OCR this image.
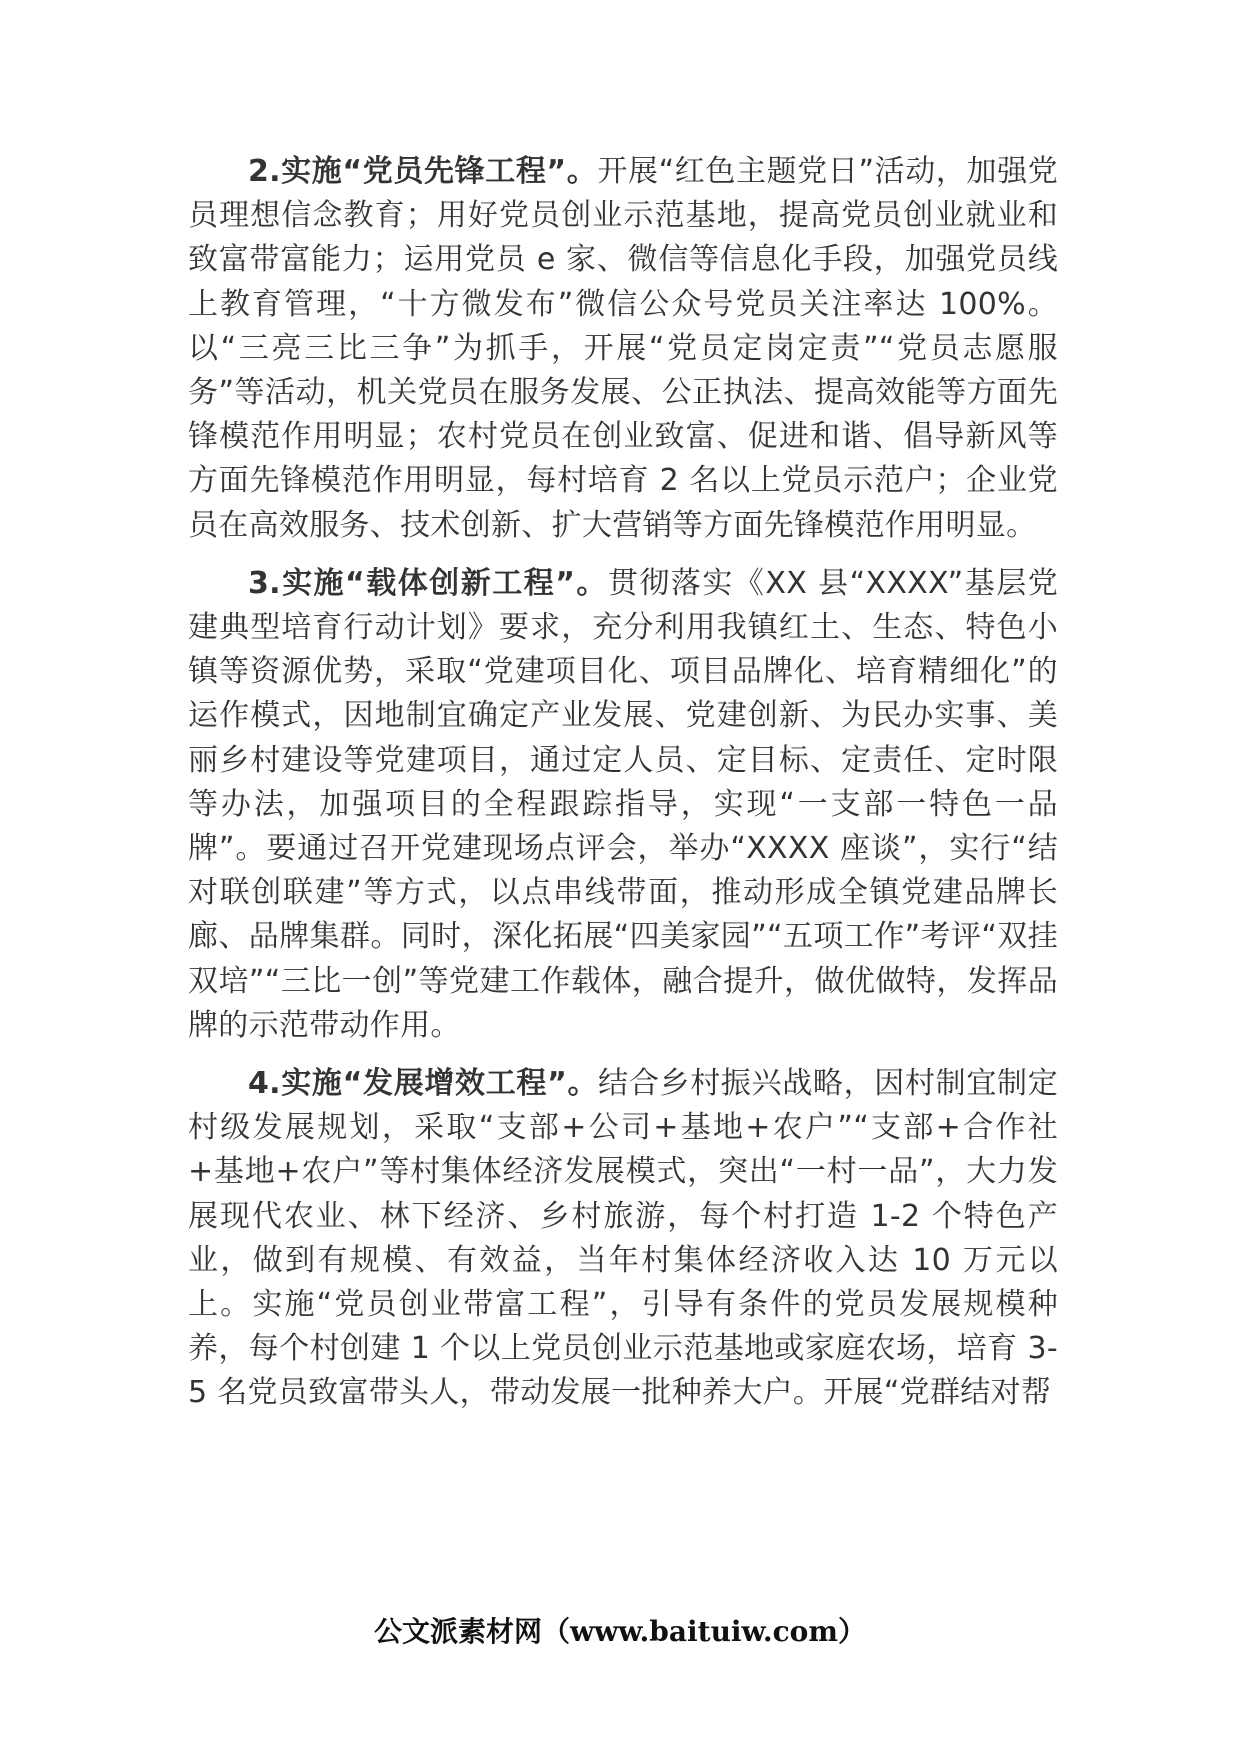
2.实施“党员先锋工程”。开展“红色主题党日”活动，加强党员理想信念教育；用好党员创业示范基地，提高党员创业就业和致富带富能力；运用党员 e 家、微信等信息化手段，加强党员线上教育管理，“十方微发布”微信公众号党员关注率达 100%。以“三亮三比三争”为抓手，开展“党员定岗定责”“党员志愿服务”等活动，机关党员在服务发展、公正执法、提高效能等方面先锋模范作用明显；农村党员在创业致富、促进和谐、倡导新风等方面先锋模范作用明显，每村培育 2 名以上党员示范户；企业党员在高效服务、技术创新、扩大营销等方面先锋模范作用明显。

3.实施“载体创新工程”。贯彻落实《XX 县“XXXX”基层党建典型培育行动计划》要求，充分利用我镇红土、生态、特色小镇等资源优势，采取“党建项目化、项目品牌化、培育精细化”的运作模式，因地制宜确定产业发展、党建创新、为民办实事、美丽乡村建设等党建项目，通过定人员、定目标、定责任、定时限等办法，加强项目的全程跟踪指导，实现“一支部一特色一品牌”。要通过召开党建现场点评会，举办“XXXX 座谈”，实行“结对联创联建”等方式，以点串线带面，推动形成全镇党建品牌长廊、品牌集群。同时，深化拓展“四美家园”“五项工作”考评“双挂双培”“三比一创”等党建工作载体，融合提升，做优做特，发挥品牌的示范带动作用。

4.实施“发展增效工程”。结合乡村振兴战略，因村制宜制定村级发展规划，采取“支部+公司+基地+农户”“支部+合作社+基地+农户”等村集体经济发展模式，突出“一村一品”，大力发展现代农业、林下经济、乡村旅游，每个村打造 1-2 个特色产业，做到有规模、有效益，当年村集体经济收入达 10 万元以上。实施“党员创业带富工程”，引导有条件的党员发展规模种养，每个村创建 1 个以上党员创业示范基地或家庭农场，培育 3-5 名党员致富带头人，带动发展一批种养大户。开展“党群结对帮

公文派素材网（www.baituiw.com）
